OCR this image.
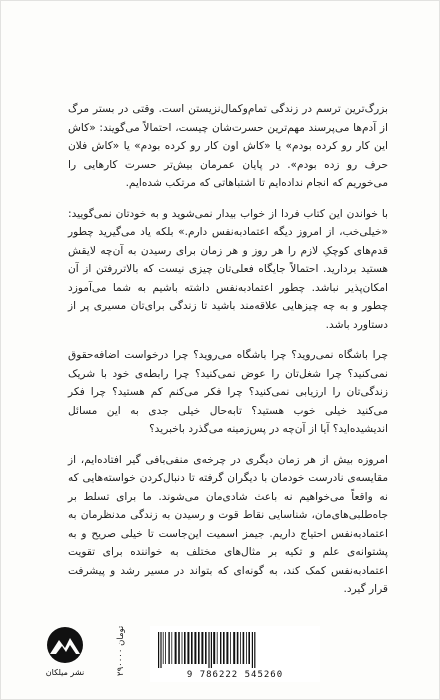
بزرگ‌ترین ترسم در زندگی تمام‌وکمال‌نزیستن است. وقتی در بستر مرگ از آدم‌ها می‌پرسند مهم‌ترین حسرت‌شان چیست، احتمالاً می‌گویند: «کاش این کار رو کرده بودم» یا «کاش اون کار رو کرده بودم» یا «کاش فلان حرف رو زده بودم». در پایان عمرمان بیش‌تر حسرت کارهایی را می‌خوریم که انجام نداده‌ایم تا اشتباهاتی که مرتکب شده‌ایم.

با خواندن این کتاب فردا از خواب بیدار نمی‌شوید و به خودتان نمی‌گویید: «خیلی‌خب، از امروز دیگه اعتمادبه‌نفس دارم.» بلکه یاد می‌گیرید چطور قدم‌های کوچکِ لازم را هر روز و هر زمان برای رسیدن به آن‌چه لایقش هستید بردارید. احتمالاً جایگاه فعلی‌تان چیزی نیست که بالاتررفتن از آن امکان‌پذیر نباشد. چطور اعتمادبه‌نفس داشته باشیم به شما می‌آموزد چطور و به چه چیزهایی علاقه‌مند باشید تا زندگی برای‌تان مسیری پر از دستاورد باشد.

چرا باشگاه نمی‌روید؟ چرا باشگاه می‌روید؟ چرا درخواست اضافه‌حقوق نمی‌کنید؟ چرا شغل‌تان را عوض نمی‌کنید؟ چرا رابطه‌ی خود با شریک زندگی‌تان را ارزیابی نمی‌کنید؟ چرا فکر می‌کنم کم هستید؟ چرا فکر می‌کنید خیلی خوب هستید؟ تابه‌حال خیلی جدی به این مسائل اندیشیده‌اید؟ آیا از آن‌چه در پس‌زمینه می‌گذرد باخبرید؟

امروزه بیش از هر زمان دیگری در چرخه‌ی منفی‌بافی گیر افتاده‌ایم، از مقایسه‌ی نادرست خودمان با دیگران گرفته تا دنبال‌کردن خواسته‌هایی که نه واقعاً می‌خواهیم نه باعث شادی‌مان می‌شوند. ما برای تسلط بر جاه‌طلبی‌های‌مان، شناسایی نقاط قوت و رسیدن به زندگی مدنظرمان به اعتمادبه‌نفس احتیاج داریم. جیمز اسمیت این‌جاست تا خیلی صریح و به پشتوانه‌ی علم و تکیه بر مثال‌های مختلف به خواننده برای تقویت اعتمادبه‌نفس کمک کند، به گونه‌ای که بتواند در مسیر رشد و پیشرفت قرار گیرد.

نشر میلکان	۲۹۰۰۰۰ تومان
9 786222 545260
